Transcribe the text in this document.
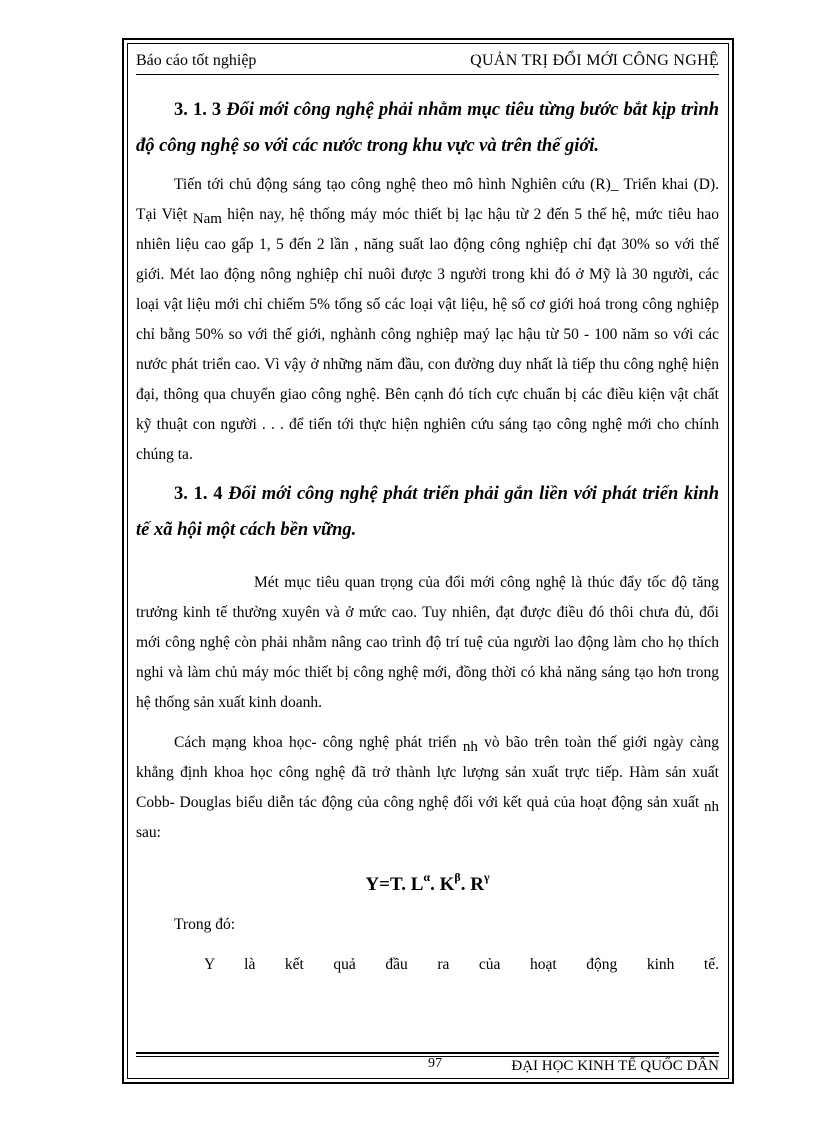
Báo cáo tốt nghiệp	QUẢN TRỊ ĐỔI MỚI CÔNG NGHỆ

3. 1. 3 Đổi mới công nghệ phải nhằm mục tiêu từng bước bắt kịp trình độ công nghệ so với các nước trong khu vực và trên thế giới.

Tiến tới chủ động sáng tạo công nghệ theo mô hình Nghiên cứu (R)_ Triển khai (D). Tại Việt Nam hiện nay, hệ thống máy móc thiết bị lạc hậu từ 2 đến 5 thế hệ, mức tiêu hao nhiên liệu cao gấp 1, 5 đến 2 lần , năng suất lao động công nghiệp chỉ đạt 30% so với thế giới. Mét lao động nông nghiệp chỉ nuôi được 3 người trong khi đó ở Mỹ là 30 người, các loại vật liệu mới chỉ chiếm 5% tổng số các loại vật liệu, hệ số cơ giới hoá trong công nghiệp chỉ bằng 50% so với thế giới, nghành công nghiệp maý lạc hậu từ 50 - 100 năm so với các nước phát triển cao. Vì vậy ở những năm đầu, con đường duy nhất là tiếp thu công nghệ hiện đại, thông qua chuyển giao công nghệ. Bên cạnh đó tích cực chuẩn bị các điều kiện vật chất kỹ thuật con người . . . để tiến tới thực hiện nghiên cứu sáng tạo công nghệ mới cho chính chúng ta.

3. 1. 4 Đổi mới công nghệ phát triển phải gắn liền với phát triển kinh tế xã hội một cách bền vững.

Mét mục tiêu quan trọng của đổi mới công nghệ là thúc đẩy tốc độ tăng trưởng kinh tế thường xuyên và ở mức cao. Tuy nhiên, đạt được điều đó thôi chưa đủ, đổi mới công nghệ còn phải nhằm nâng cao trình độ trí tuệ của người lao động làm cho họ thích nghi và làm chủ máy móc thiết bị công nghệ mới, đồng thời có khả năng sáng tạo hơn trong hệ thống sản xuất kinh doanh.

Cách mạng khoa học- công nghệ phát triển nh vò bão trên toàn thế giới ngày càng khẳng định khoa học công nghệ đã trở thành lực lượng sản xuất trực tiếp. Hàm sản xuất Cobb- Douglas biểu diễn tác động của công nghệ đối với kết quả của hoạt động sản xuất nh sau:

Y=T. $L^\alpha$. $K^\beta$. $R^\gamma$

Trong đó:

Y là kết quả đầu ra của hoạt động kinh tế.

97	ĐẠI HỌC KINH TẾ QUỐC DÂN
